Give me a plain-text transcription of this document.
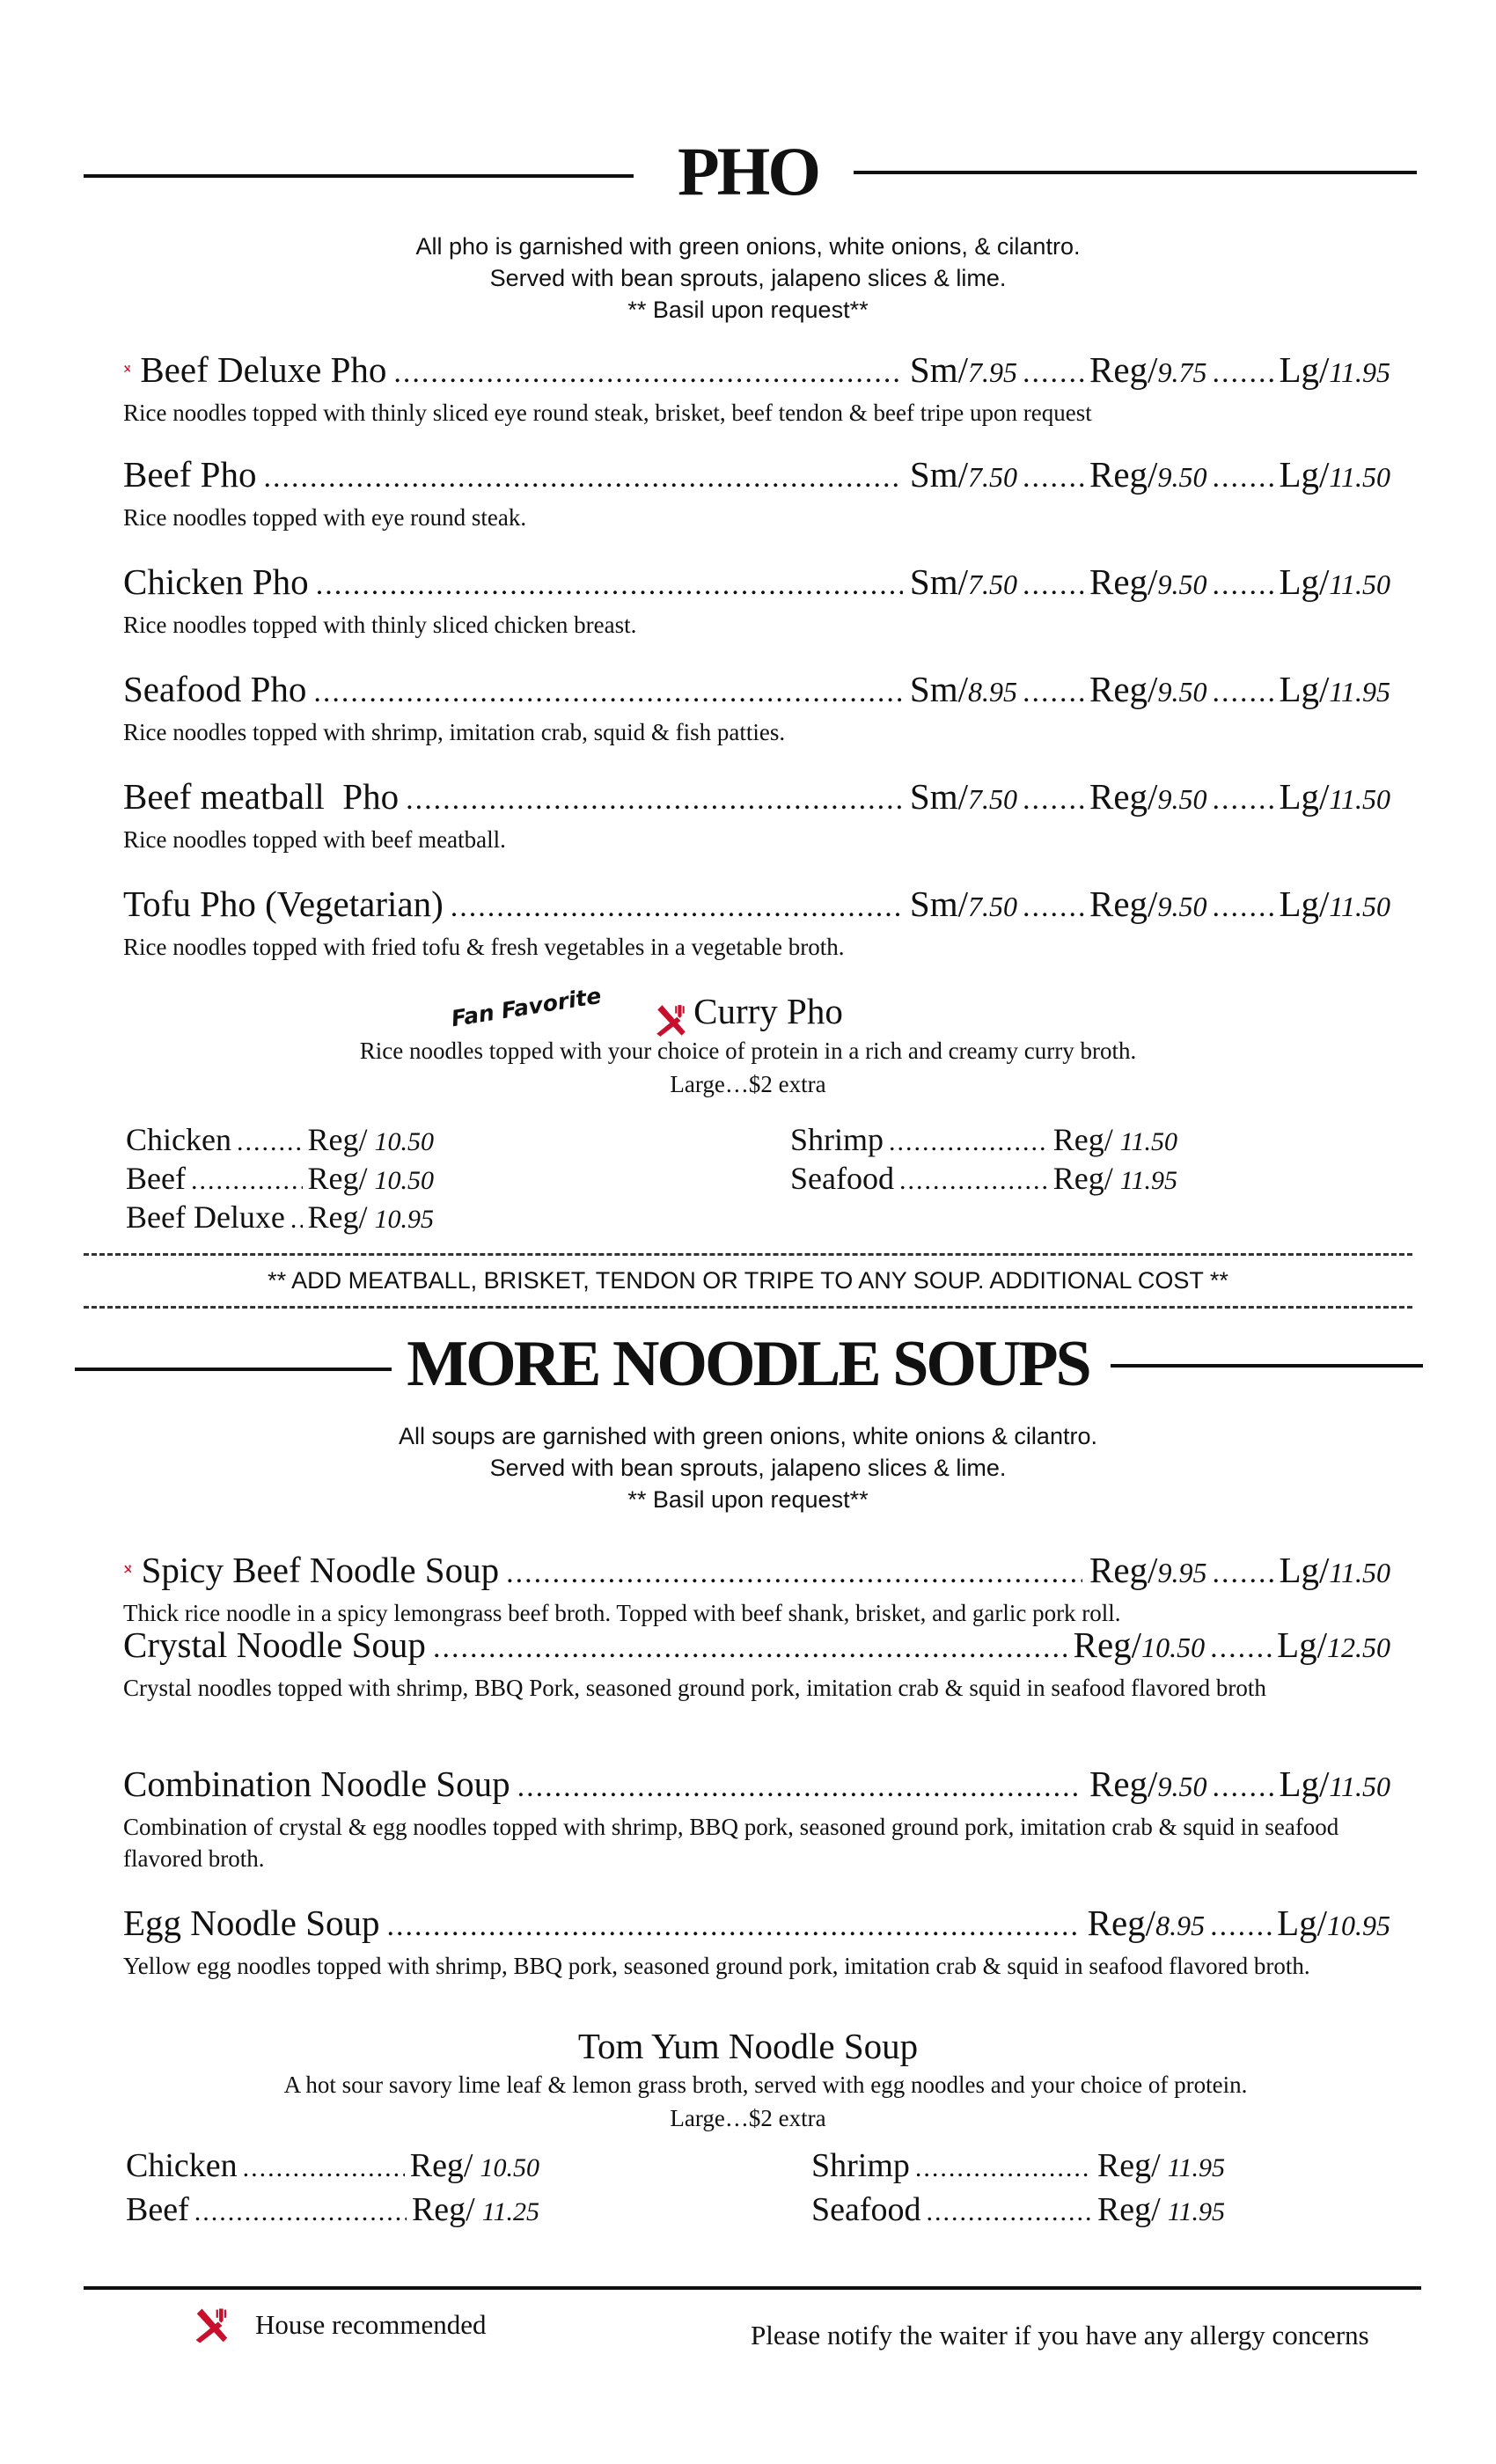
PHO
All pho is garnished with green onions, white onions, & cilantro.
Served with bean sprouts, jalapeno slices & lime.
** Basil upon request**
Beef Deluxe Pho .....	Sm/ 7.95 ..... Reg/ 9.75 ..... Lg/ 11.95
Rice noodles topped with thinly sliced eye round steak, brisket, beef tendon & beef tripe upon request
Beef Pho .....	Sm/ 7.50 ..... Reg/ 9.50 ..... Lg/ 11.50
Rice noodles topped with eye round steak.
Chicken Pho .....	Sm/ 7.50 ..... Reg/ 9.50 ..... Lg/ 11.50
Rice noodles topped with thinly sliced chicken breast.
Seafood Pho .....	Sm/ 8.95 ..... Reg/ 9.50 ..... Lg/ 11.95
Rice noodles topped with shrimp, imitation crab, squid & fish patties.
Beef meatball  Pho .....	Sm/ 7.50 ..... Reg/ 9.50 ..... Lg/ 11.50
Rice noodles topped with beef meatball.
Tofu Pho (Vegetarian) .....	Sm/ 7.50 ..... Reg/ 9.50 ..... Lg/ 11.50
Rice noodles topped with fried tofu & fresh vegetables in a vegetable broth.
Fan Favorite	Curry Pho
Rice noodles topped with your choice of protein in a rich and creamy curry broth.
Large…$2 extra
Chicken ..... Reg/ 10.50
Beef .....	Reg/ 10.50
Beef Deluxe ..... Reg/ 10.95
Shrimp .....	Reg/ 11.50
Seafood .....	Reg/ 11.95
** ADD MEATBALL, BRISKET, TENDON OR TRIPE TO ANY SOUP. ADDITIONAL COST **
MORE NOODLE SOUPS
All soups are garnished with green onions, white onions & cilantro.
Served with bean sprouts, jalapeno slices & lime.
** Basil upon request**
Spicy Beef Noodle Soup .....	Reg/ 9.95 ..... Lg/ 11.50
Thick rice noodle in a spicy lemongrass beef broth. Topped with beef shank, brisket, and garlic pork roll.
Crystal Noodle Soup .....	Reg/ 10.50 ..... Lg/ 12.50
Crystal noodles topped with shrimp, BBQ Pork, seasoned ground pork, imitation crab & squid in seafood flavored broth
Combination Noodle Soup .....	Reg/ 9.50 ..... Lg/ 11.50
Combination of crystal & egg noodles topped with shrimp, BBQ pork, seasoned ground pork, imitation crab & squid in seafood flavored broth.
Egg Noodle Soup .....	Reg/ 8.95 ..... Lg/ 10.95
Yellow egg noodles topped with shrimp, BBQ pork, seasoned ground pork, imitation crab & squid in seafood flavored broth.
Tom Yum Noodle Soup
A hot sour savory lime leaf & lemon grass broth, served with egg noodles and your choice of protein.
Large…$2 extra
Chicken .....	Reg/ 10.50
Beef .....	Reg/ 11.25
Shrimp .....	Reg/ 11.95
Seafood .....	Reg/ 11.95
House recommended	Please notify the waiter if you have any allergy concerns
